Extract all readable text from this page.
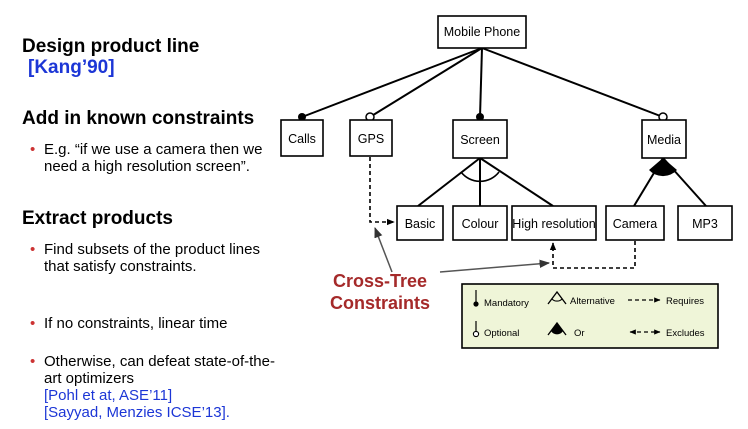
Design product line

[Kang’90]

Add in known constraints

• E.g. “if we use a camera then we need a high resolution screen”.

Extract products

• Find subsets of the product lines that satisfy constraints.
• If no constraints, linear time
• Otherwise, can defeat state-of-the-art optimizers
[Pohl et at, ASE’11]
[Sayyad, Menzies ICSE’13].
Mobile Phone
Calls	GPS	Screen	Media
Basic Colour High resolution Camera	MP3
Cross-Tree
Constraints	Mandatory
Optional
Alternative
Or
Requires
Excludes
